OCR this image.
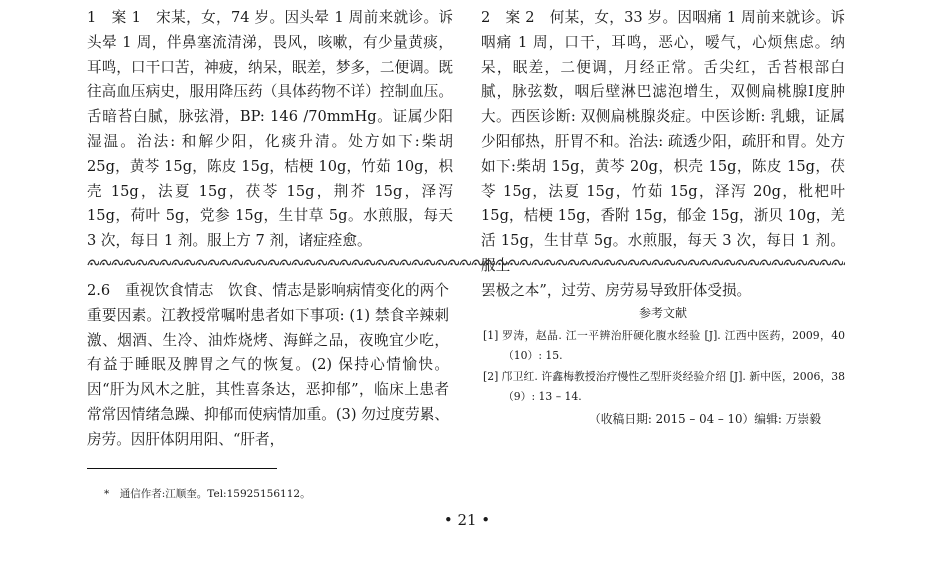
1　案 1　宋某，女，74 岁。因头晕 1 周前来就诊。诉头晕 1 周，伴鼻塞流清涕，畏风，咳嗽，有少量黄痰，耳鸣，口干口苦，神疲，纳呆，眠差，梦多，二便调。既往高血压病史，服用降压药（具体药物不详）控制血压。舌暗苔白腻，脉弦滑，BP: 146 /70mmHg。证属少阳湿温。治法: 和解少阳，化痰升清。处方如下:柴胡 25g，黄芩 15g，陈皮 15g，桔梗 10g，竹茹 10g，枳壳 15g，法夏 15g，茯苓 15g，荆芥 15g，泽泻 15g，荷叶 5g，党参 15g，生甘草 5g。水煎服，每天 3 次，每日 1 剂。服上方 7 剂，诸症痊愈。
2　案 2　何某，女，33 岁。因咽痛 1 周前来就诊。诉咽痛 1 周，口干，耳鸣，恶心，嗳气，心烦焦虑。纳呆，眠差，二便调，月经正常。舌尖红，舌苔根部白腻，脉弦数，咽后壁淋巴滤泡增生，双侧扁桃腺Ⅰ度肿大。西医诊断: 双侧扁桃腺炎症。中医诊断: 乳蛾，证属少阳郁热，肝胃不和。治法: 疏透少阳，疏肝和胃。处方如下:柴胡 15g，黄芩 20g，枳壳 15g，陈皮 15g，茯苓 15g，法夏 15g，竹茹 15g，泽泻 20g，枇杷叶 15g，桔梗 15g，香附 15g，郁金 15g，浙贝 10g，羌活 15g，生甘草 5g。水煎服，每天 3 次，每日 1 剂。
2.6　重视饮食情志　饮食、情志是影响病情变化的两个重要因素。江教授常嘱咐患者如下事项: (1) 禁食辛辣刺激、烟酒、生冷、油炸烧烤、海鲜之品，夜晚宜少吃，有益于睡眠及脾胃之气的恢复。(2) 保持心情愉快。因“肝为风木之脏，其性喜条达，恶抑郁”，临床上患者常常因情绪急躁、抑郁而使病情加重。(3) 勿过度劳累、房劳。因肝体阴用阳、“肝者，
罢极之本”，过劳、房劳易导致肝体受损。
参考文献
[1] 罗涛，赵晶. 江一平辨治肝硬化腹水经验 [J]. 江西中医药，2009，40（10）: 15.
[2] 邝卫红. 许鑫梅教授治疗慢性乙型肝炎经验介绍 [J]. 新中医，2006，38（9）: 13 – 14.
（收稿日期: 2015 – 04 – 10）编辑: 万崇毅
*　通信作者:江顺奎。Tel:15925156112。
• 21 •
